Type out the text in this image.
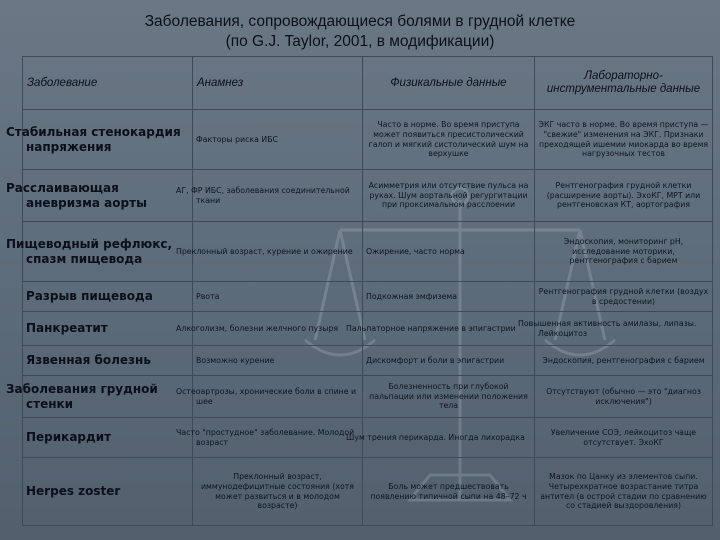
Заболевания, сопровождающиеся болями в грудной клетке
(по G.J. Taylor, 2001, в модификации)
Заболевание	Анамнез	Физикальные данные	Лабораторно-инструментальные данные
Стабильная стенокардия напряжения	Факторы риска ИБС	Часто в норме. Во время приступа может появиться пресистолический галоп и мягкий систолический шум на верхушке	ЭКГ часто в норме. Во время приступа — "свежие" изменения на ЭКГ. Признаки преходящей ишемии миокарда во время нагрузочных тестов
Расслаивающая аневризма аорты	АГ, ФР ИБС, заболевания соединительной ткани	Асимметрия или отсутствие пульса на руках. Шум аортальной регургитации при проксимальном расслоении	Рентгенография грудной клетки (расширение аорты). ЭхоКГ, МРТ или рентгеновская КТ, аортография
Пищеводный рефлюкс, спазм пищевода	Преклонный возраст, курение и ожирение	Ожирение, часто норма	Эндоскопия, мониторинг pH, исследование моторики, рентгенография с барием
Разрыв пищевода	Рвота	Подкожная эмфизема	Рентгенография грудной клетки (воздух в средостении)
Панкреатит	Алкоголизм, болезни желчного пузыря	Пальпаторное напряжение в эпигастрии	Повышенная активность амилазы, липазы. Лейкоцитоз
Язвенная болезнь	Возможно курение	Дискомфорт и боли в эпигастрии	Эндоскопия, рентгенография с барием
Заболевания грудной стенки	Остеоартрозы, хронические боли в спине и шее	Болезненность при глубокой пальпации или изменении положения тела	Отсутствуют (обычно — это "диагноз исключения")
Перикардит	Часто "простудное" заболевание. Молодой возраст	Шум трения перикарда. Иногда лихорадка	Увеличение СОЭ, лейкоцитоз чаще отсутствует. ЭхоКГ
Herpes zoster	Преклонный возраст, иммунодефицитные состояния (хотя может развиться и в молодом возрасте)	Боль может предшествовать появлению типичной сыпи на 48–72 ч	Мазок по Цанку из элементов сыпи. Четырехкратное возрастание титра антител (в острой стадии по сравнению со стадией выздоровления)
